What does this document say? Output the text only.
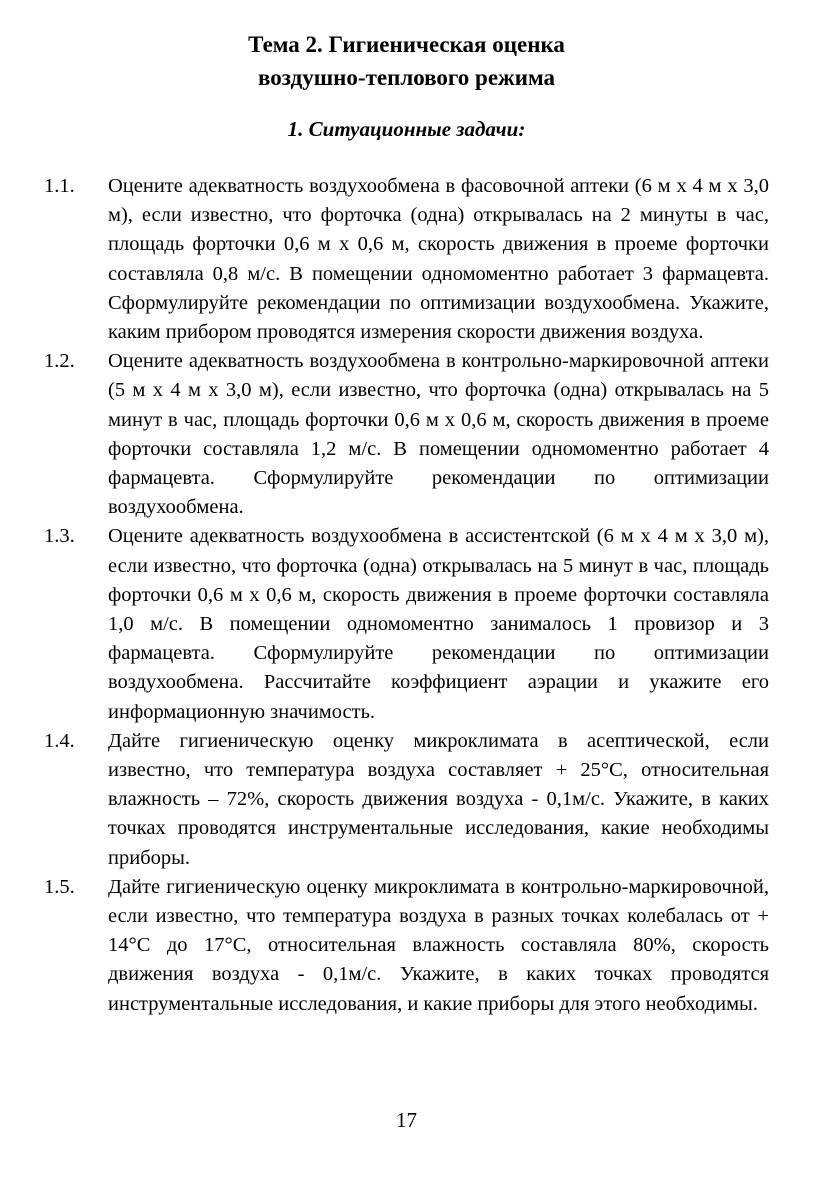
Тема 2. Гигиеническая оценка
воздушно-теплового режима
1. Ситуационные задачи:
1.1. Оцените адекватность воздухообмена в фасовочной аптеки (6 м х 4 м х 3,0 м), если известно, что форточка (одна) открывалась на 2 минуты в час, площадь форточки 0,6 м х 0,6 м, скорость движения в проеме форточки составляла 0,8 м/с. В помещении одномоментно работает 3 фармацевта. Сформулируйте рекомендации по оптимизации воздухообмена. Укажите, каким прибором проводятся измерения скорости движения воздуха.
1.2. Оцените адекватность воздухообмена в контрольно-маркировочной аптеки (5 м х 4 м х 3,0 м), если известно, что форточка (одна) открывалась на 5 минут в час, площадь форточки 0,6 м х 0,6 м, скорость движения в проеме форточки составляла 1,2 м/с. В помещении одномоментно работает 4 фармацевта. Сформулируйте рекомендации по оптимизации воздухообмена.
1.3. Оцените адекватность воздухообмена в ассистентской (6 м х 4 м х 3,0 м), если известно, что форточка (одна) открывалась на 5 минут в час, площадь форточки 0,6 м х 0,6 м, скорость движения в проеме форточки составляла 1,0 м/с. В помещении одномоментно занималось 1 провизор и 3 фармацевта. Сформулируйте рекомендации по оптимизации воздухообмена. Рассчитайте коэффициент аэрации и укажите его информационную значимость.
1.4. Дайте гигиеническую оценку микроклимата в асептической, если известно, что температура воздуха составляет + 25°С, относительная влажность – 72%, скорость движения воздуха - 0,1м/с. Укажите, в каких точках проводятся инструментальные исследования, какие необходимы приборы.
1.5. Дайте гигиеническую оценку микроклимата в контрольно-маркировочной, если известно, что температура воздуха в разных точках колебалась от + 14°С до 17°С, относительная влажность составляла 80%, скорость движения воздуха - 0,1м/с. Укажите, в каких точках проводятся инструментальные исследования, и какие приборы для этого необходимы.
17
